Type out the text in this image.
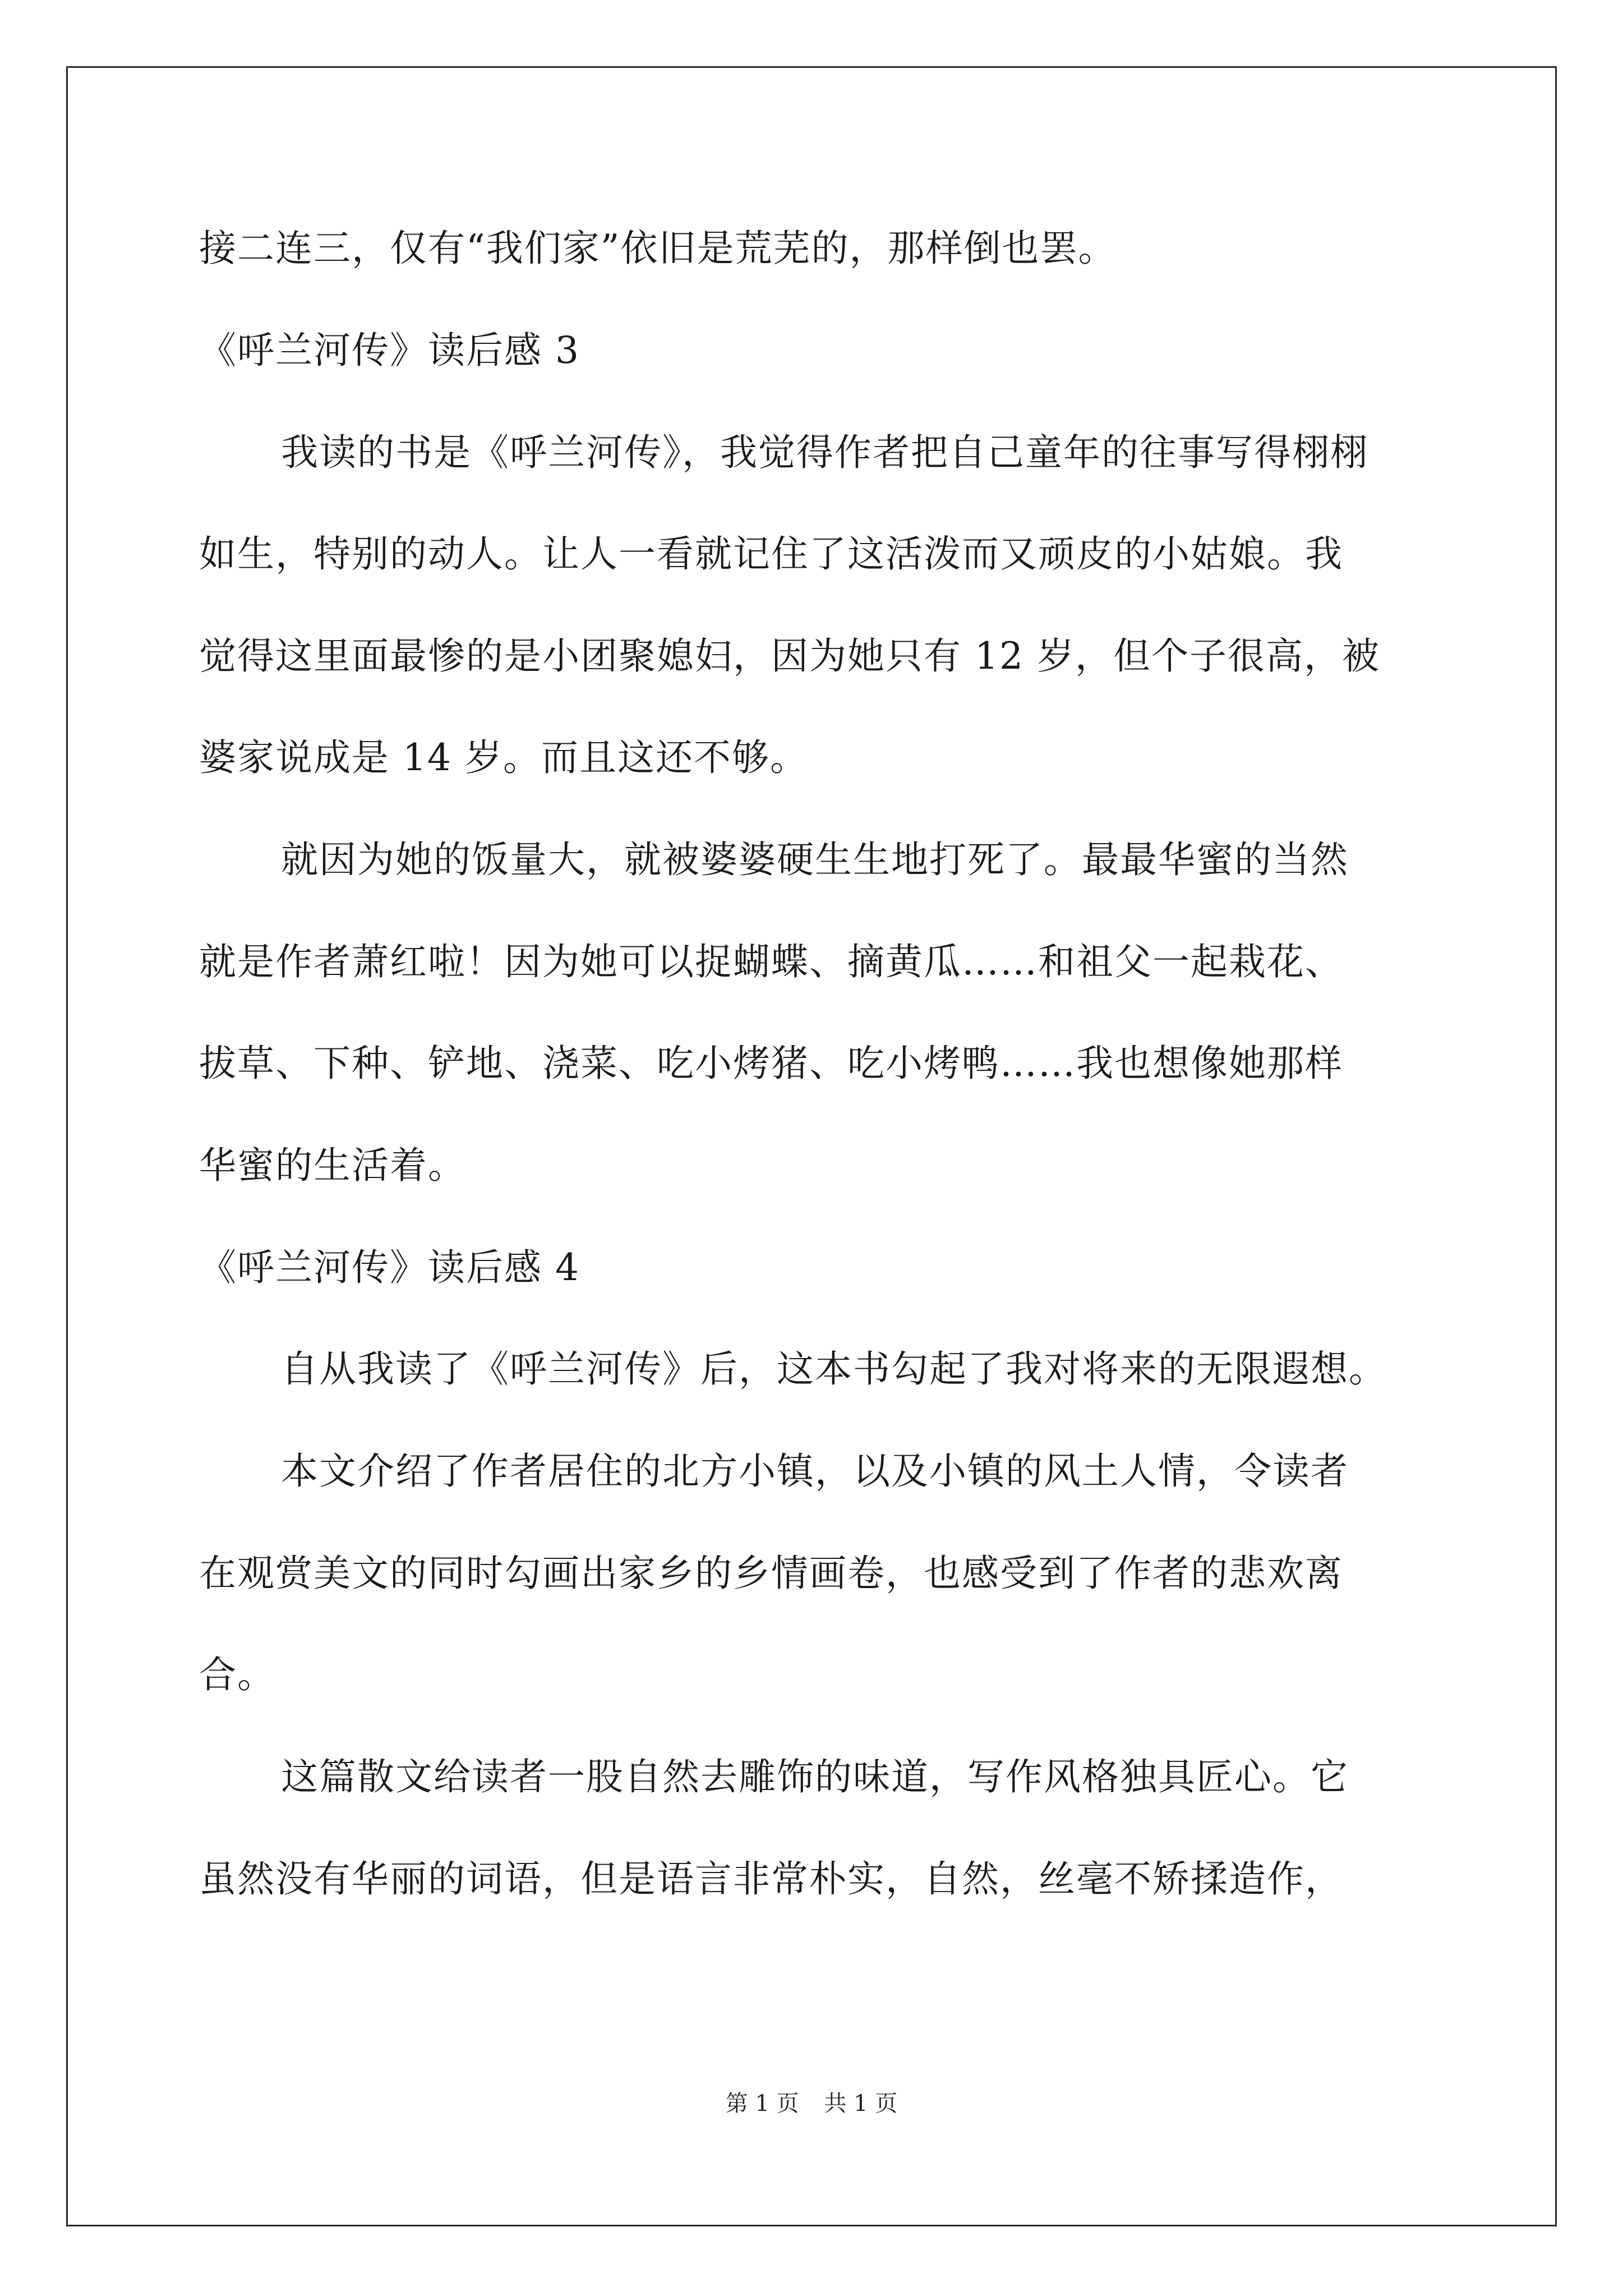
接二连三，仅有“我们家”依旧是荒芜的，那样倒也罢。
《呼兰河传》读后感 3
我读的书是《呼兰河传》，我觉得作者把自己童年的往事写得栩栩
如生，特别的动人。让人一看就记住了这活泼而又顽皮的小姑娘。我
觉得这里面最惨的是小团聚媳妇，因为她只有 12 岁，但个子很高，被
婆家说成是 14 岁。而且这还不够。
就因为她的饭量大，就被婆婆硬生生地打死了。最最华蜜的当然
就是作者萧红啦！因为她可以捉蝴蝶、摘黄瓜……和祖父一起栽花、
拔草、下种、铲地、浇菜、吃小烤猪、吃小烤鸭……我也想像她那样
华蜜的生活着。
《呼兰河传》读后感 4
自从我读了《呼兰河传》后，这本书勾起了我对将来的无限遐想。
本文介绍了作者居住的北方小镇，以及小镇的风土人情，令读者
在观赏美文的同时勾画出家乡的乡情画卷，也感受到了作者的悲欢离
合。
这篇散文给读者一股自然去雕饰的味道，写作风格独具匠心。它
虽然没有华丽的词语，但是语言非常朴实，自然，丝毫不矫揉造作，
第 1 页 共 1 页
